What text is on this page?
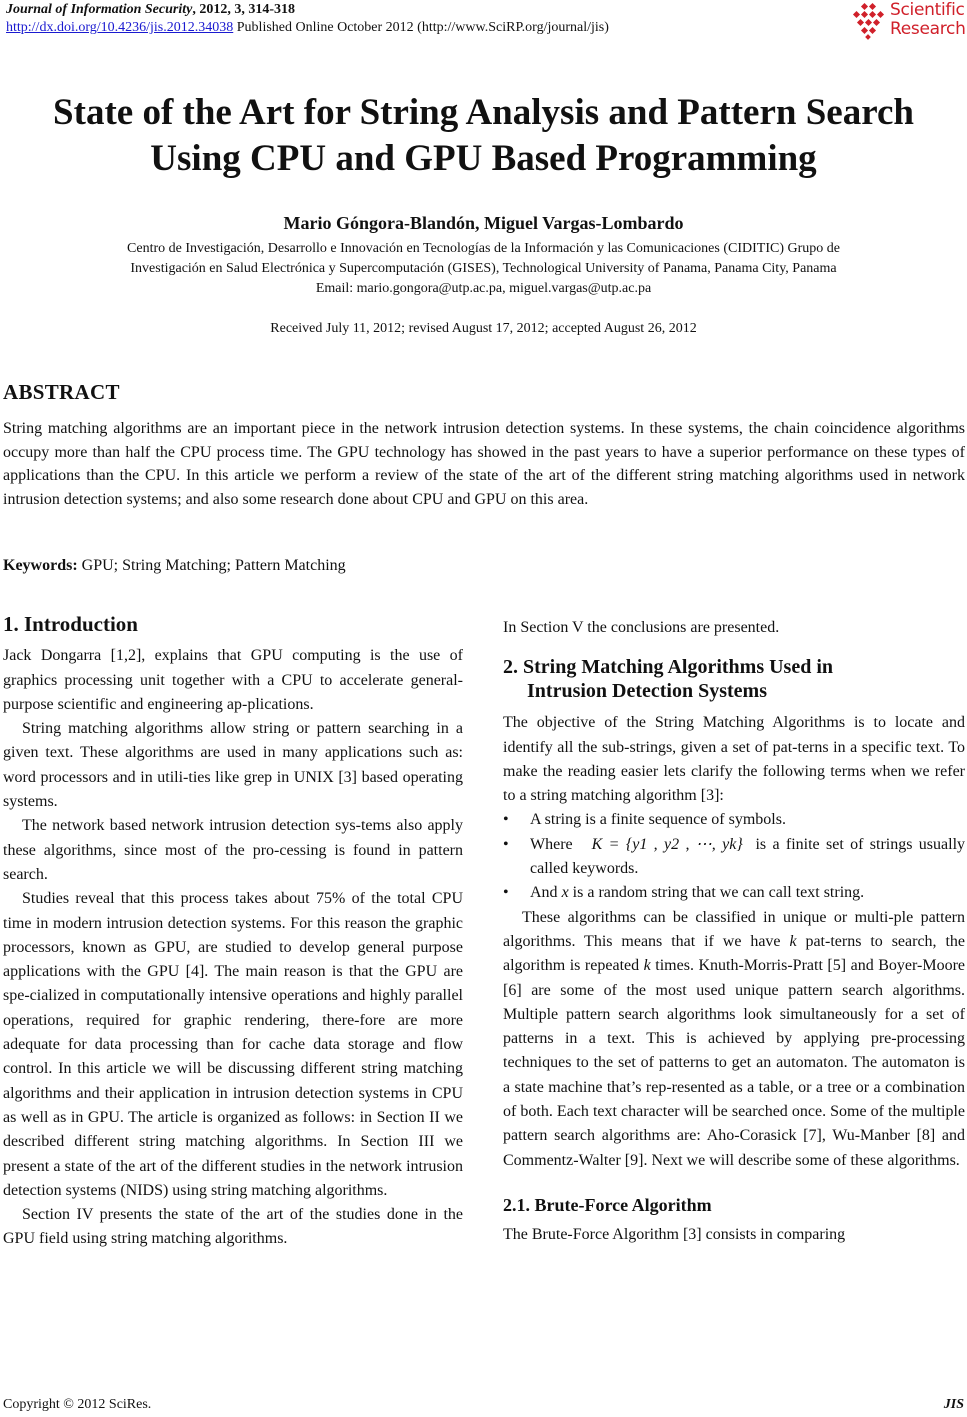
Journal of Information Security, 2012, 3, 314-318
http://dx.doi.org/10.4236/jis.2012.34038 Published Online October 2012 (http://www.SciRP.org/journal/jis)
Scientific
Research
State of the Art for String Analysis and Pattern Search
Using CPU and GPU Based Programming
Mario Góngora-Blandón, Miguel Vargas-Lombardo
Centro de Investigación, Desarrollo e Innovación en Tecnologías de la Información y las Comunicaciones (CIDITIC) Grupo de
Investigación en Salud Electrónica y Supercomputación (GISES), Technological University of Panama, Panama City, Panama
Email: mario.gongora@utp.ac.pa, miguel.vargas@utp.ac.pa
Received July 11, 2012; revised August 17, 2012; accepted August 26, 2012
ABSTRACT
String matching algorithms are an important piece in the network intrusion detection systems. In these systems, the chain coincidence algorithms occupy more than half the CPU process time. The GPU technology has showed in the past years to have a superior performance on these types of applications than the CPU. In this article we perform a review of the state of the art of the different string matching algorithms used in network intrusion detection systems; and also some research done about CPU and GPU on this area.
Keywords: GPU; String Matching; Pattern Matching
1. Introduction

Jack Dongarra [1,2], explains that GPU computing is the use of graphics processing unit together with a CPU to accelerate general-purpose scientific and engineering ap-plications.

String matching algorithms allow string or pattern searching in a given text. These algorithms are used in many applications such as: word processors and in utili-ties like grep in UNIX [3] based operating systems.

The network based network intrusion detection sys-tems also apply these algorithms, since most of the pro-cessing is found in pattern search.

Studies reveal that this process takes about 75% of the total CPU time in modern intrusion detection systems. For this reason the graphic processors, known as GPU, are studied to develop general purpose applications with the GPU [4]. The main reason is that the GPU are spe-cialized in computationally intensive operations and highly parallel operations, required for graphic rendering, there-fore are more adequate for data processing than for cache data storage and flow control. In this article we will be discussing different string matching algorithms and their application in intrusion detection systems in CPU as well as in GPU. The article is organized as follows: in Section II we described different string matching algorithms. In Section III we present a state of the art of the different studies in the network intrusion detection systems (NIDS) using string matching algorithms.

Section IV presents the state of the art of the studies done in the GPU field using string matching algorithms.

In Section V the conclusions are presented.

2. String Matching Algorithms Used in
Intrusion Detection Systems

The objective of the String Matching Algorithms is to locate and identify all the sub-strings, given a set of pat-terns in a specific text. To make the reading easier lets clarify the following terms when we refer to a string matching algorithm [3]:

• A string is a finite sequence of symbols.
• Where K = {y1 , y2 , ⋯, yk} is a finite set of strings usually called keywords.
• And x is a random string that we can call text string.

These algorithms can be classified in unique or multi-ple pattern algorithms. This means that if we have k pat-terns to search, the algorithm is repeated k times. Knuth-Morris-Pratt [5] and Boyer-Moore [6] are some of the most used unique pattern search algorithms. Multiple pattern search algorithms look simultaneously for a set of patterns in a text. This is achieved by applying pre-processing techniques to the set of patterns to get an automaton. The automaton is a state machine that’s rep-resented as a table, or a tree or a combination of both. Each text character will be searched once. Some of the multiple pattern search algorithms are: Aho-Corasick [7], Wu-Manber [8] and Commentz-Walter [9]. Next we will describe some of these algorithms.

2.1. Brute-Force Algorithm

The Brute-Force Algorithm [3] consists in comparing

Copyright © 2012 SciRes.	JIS
